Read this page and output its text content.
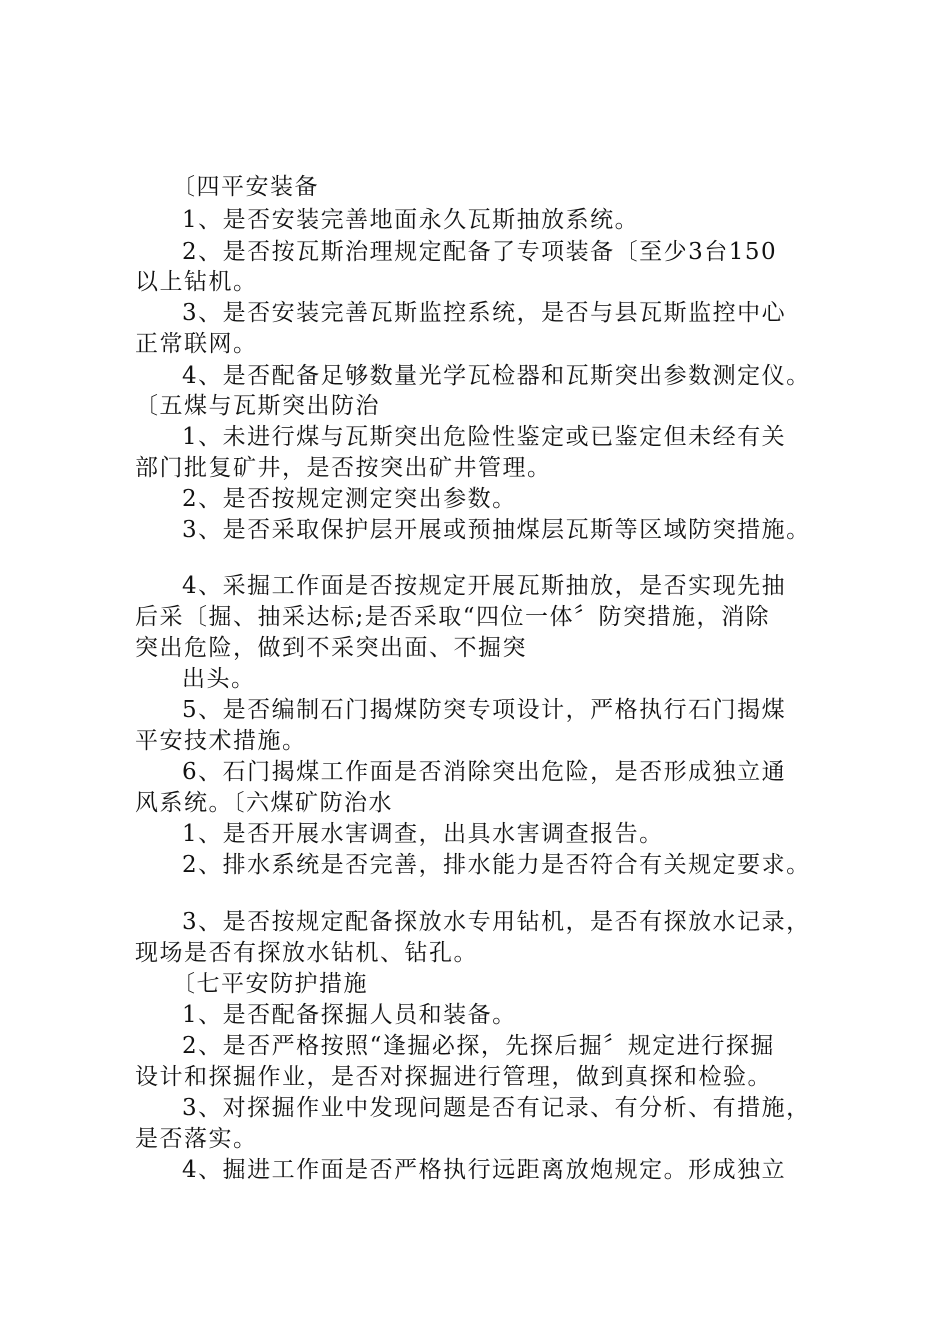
〔四平安装备
1、是否安装完善地面永久瓦斯抽放系统。
2、是否按瓦斯治理规定配备了专项装备〔至少3台150
以上钻机。
3、是否安装完善瓦斯监控系统，是否与县瓦斯监控中心
正常联网。
4、是否配备足够数量光学瓦检器和瓦斯突出参数测定仪。
〔五煤与瓦斯突出防治
1、未进行煤与瓦斯突出危险性鉴定或已鉴定但未经有关
部门批复矿井，是否按突出矿井管理。
2、是否按规定测定突出参数。
3、是否采取保护层开展或预抽煤层瓦斯等区域防突措施。
4、采掘工作面是否按规定开展瓦斯抽放，是否实现先抽
后采〔掘、抽采达标;是否采取“四位一体〞防突措施，消除
突出危险，做到不采突出面、不掘突
出头。
5、是否编制石门揭煤防突专项设计，严格执行石门揭煤
平安技术措施。
6、石门揭煤工作面是否消除突出危险，是否形成独立通
风系统。〔六煤矿防治水
1、是否开展水害调查，出具水害调查报告。
2、排水系统是否完善，排水能力是否符合有关规定要求。
3、是否按规定配备探放水专用钻机，是否有探放水记录，
现场是否有探放水钻机、钻孔。
〔七平安防护措施
1、是否配备探掘人员和装备。
2、是否严格按照“逢掘必探，先探后掘〞规定进行探掘
设计和探掘作业，是否对探掘进行管理，做到真探和检验。
3、对探掘作业中发现问题是否有记录、有分析、有措施，
是否落实。
4、掘进工作面是否严格执行远距离放炮规定。形成独立
